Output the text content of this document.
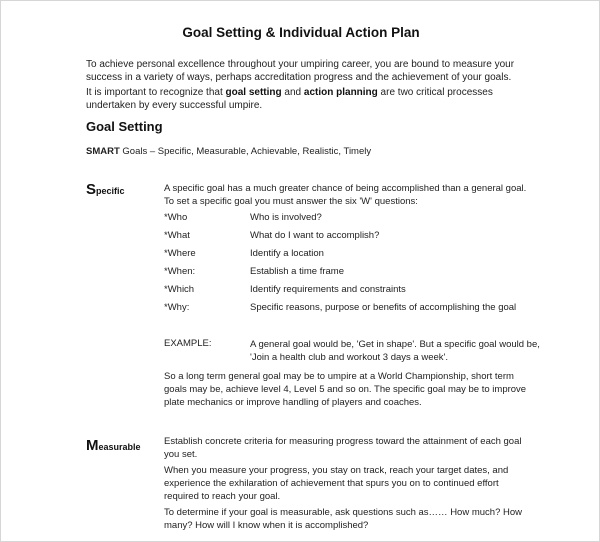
Goal Setting & Individual Action Plan
To achieve personal excellence throughout your umpiring career, you are bound to measure your success in a variety of ways, perhaps accreditation progress and the achievement of your goals.
It is important to recognize that goal setting and action planning are two critical processes undertaken by every successful umpire.
Goal Setting
SMART Goals – Specific, Measurable, Achievable, Realistic, Timely
Specific	A specific goal has a much greater chance of being accomplished than a general goal. To set a specific goal you must answer the six 'W' questions:
*Who	Who is involved?
*What	What do I want to accomplish?
*Where	Identify a location
*When:	Establish a time frame
*Which	Identify requirements and constraints
*Why:	Specific reasons, purpose or benefits of accomplishing the goal
EXAMPLE:	A general goal would be, 'Get in shape'. But a specific goal would be, 'Join a health club and workout 3 days a week'.
So a long term general goal may be to umpire at a World Championship, short term goals may be, achieve level 4, Level 5 and so on. The specific goal may be to improve plate mechanics or improve handling of players and coaches.
Measurable Establish concrete criteria for measuring progress toward the attainment of each goal you set.
When you measure your progress, you stay on track, reach your target dates, and experience the exhilaration of achievement that spurs you on to continued effort required to reach your goal.
To determine if your goal is measurable, ask questions such as…… How much? How many? How will I know when it is accomplished?
